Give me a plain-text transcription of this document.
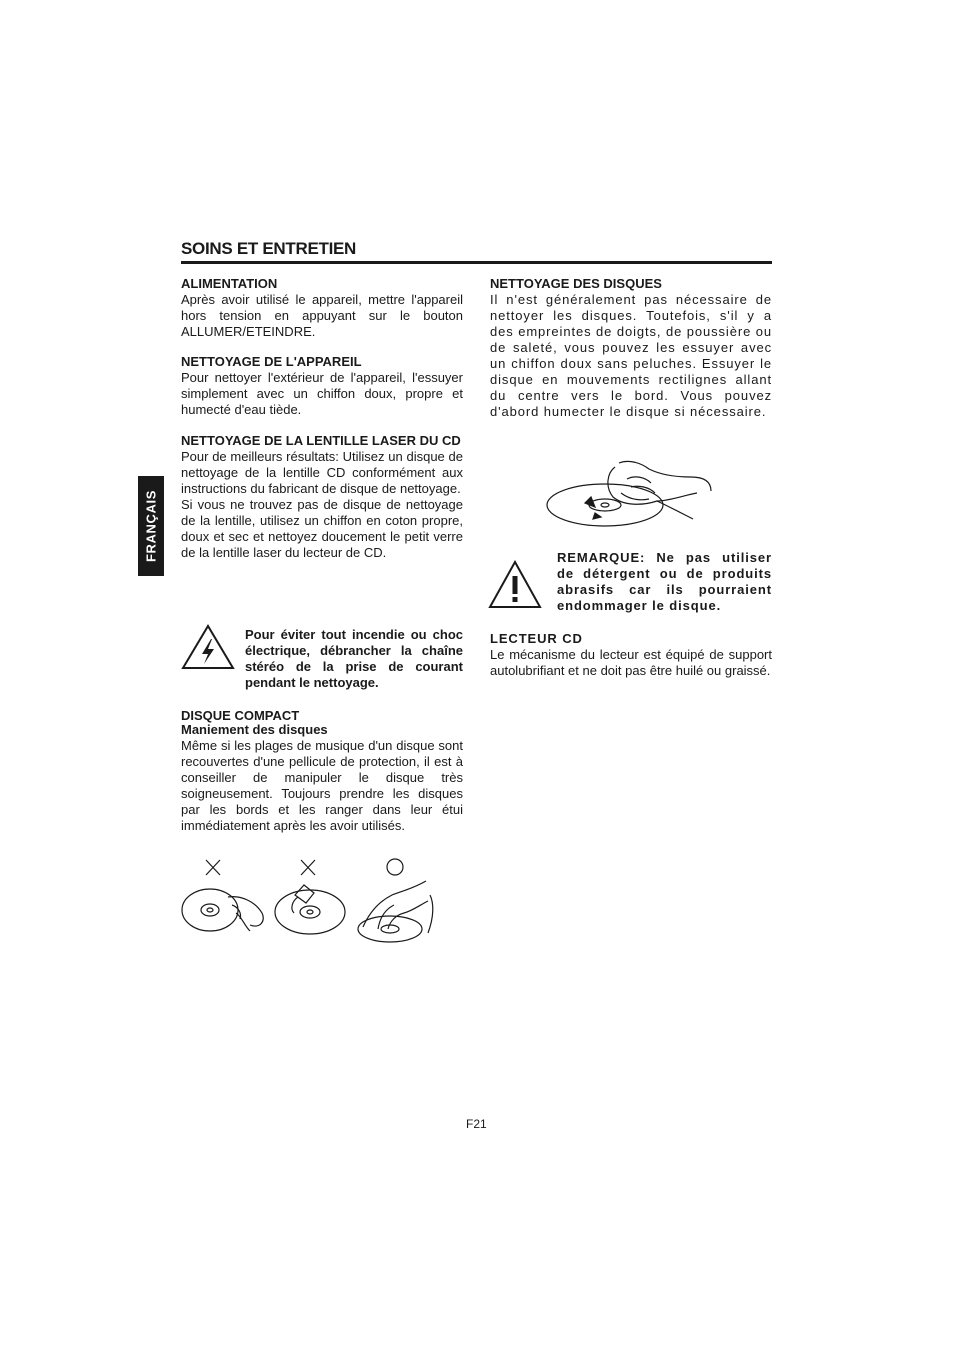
SOINS ET ENTRETIEN
FRANÇAIS
ALIMENTATION

Après avoir utilisé le appareil, mettre l'appareil hors tension en appuyant sur le bouton ALLUMER/ETEINDRE.

NETTOYAGE DE L'APPAREIL

Pour nettoyer l'extérieur de l'appareil, l'essuyer simplement avec un chiffon doux, propre et humecté d'eau tiède.

NETTOYAGE DE LA LENTILLE LASER DU CD

Pour de meilleurs résultats: Utilisez un disque de nettoyage de la lentille CD conformément aux instructions du fabricant de disque de nettoyage.

Si vous ne trouvez pas de disque de nettoyage de la lentille, utilisez un chiffon en coton propre, doux et sec et nettoyez doucement le petit verre de la lentille laser du lecteur de CD.

Pour éviter tout incendie ou choc électrique, débrancher la chaîne stéréo de la prise de courant pendant le nettoyage.
DISQUE COMPACT
Maniement des disques

Même si les plages de musique d'un disque sont recouvertes d'une pellicule de protection, il est à conseiller de manipuler le disque très soigneusement. Toujours prendre les disques par les bords et les ranger dans leur étui immédiatement après les avoir utilisés.

NETTOYAGE DES DISQUES

Il n'est généralement pas nécessaire de nettoyer les disques. Toutefois, s'il y a des empreintes de doigts, de poussière ou de saleté, vous pouvez les essuyer avec un chiffon doux sans peluches. Essuyer le disque en mouvements rectilignes allant du centre vers le bord. Vous pouvez d'abord humecter le disque si nécessaire.

REMARQUE: Ne pas utiliser de détergent ou de produits abrasifs car ils pourraient endommager le disque.
LECTEUR CD

Le mécanisme du lecteur est équipé de support autolubrifiant et ne doit pas être huilé ou graissé.

F21
